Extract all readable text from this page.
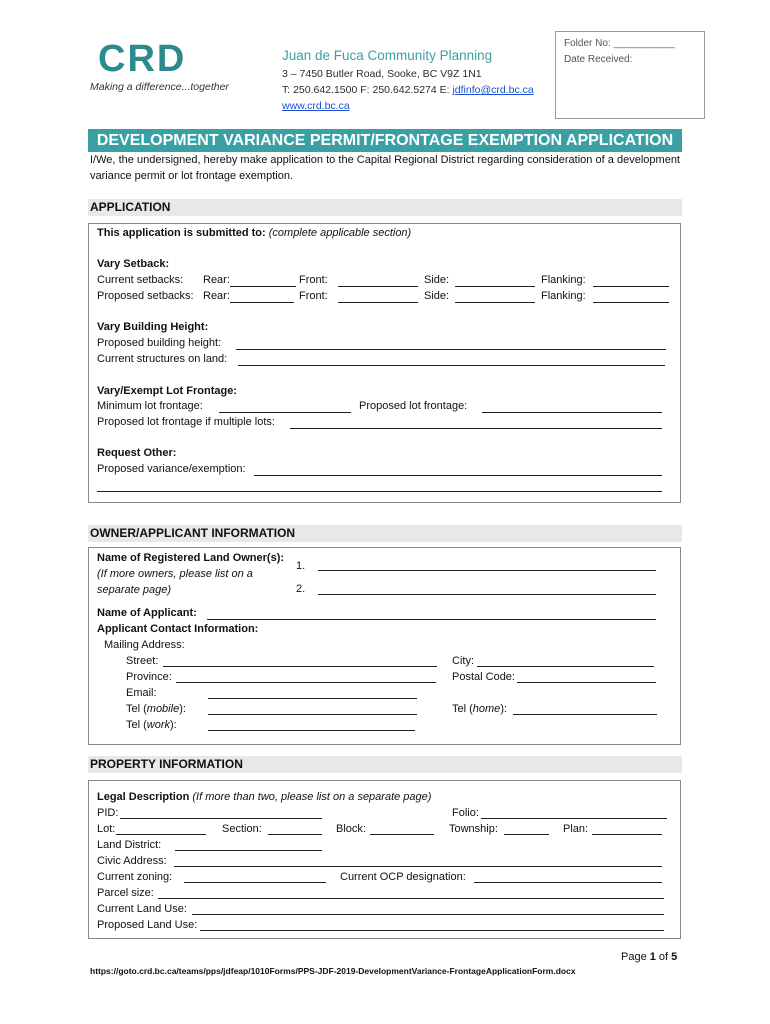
CRD
Making a difference...together
Juan de Fuca Community Planning
3 – 7450 Butler Road, Sooke, BC V9Z 1N1
T: 250.642.1500 F: 250.642.5274 E: jdfinfo@crd.bc.ca
www.crd.bc.ca
Folder No: ___________
Date Received:
DEVELOPMENT VARIANCE PERMIT/FRONTAGE EXEMPTION APPLICATION
I/We, the undersigned, hereby make application to the Capital Regional District regarding consideration of a development variance permit or lot frontage exemption.
APPLICATION
This application is submitted to: (complete applicable section)
Vary Setback:
Current setbacks: Rear:	Front:	Side:	Flanking:
Proposed setbacks: Rear:	Front:	Side:	Flanking:
Vary Building Height:
Proposed building height:
Current structures on land:
Vary/Exempt Lot Frontage:
Minimum lot frontage:	Proposed lot frontage:
Proposed lot frontage if multiple lots:
Request Other:
Proposed variance/exemption:
OWNER/APPLICANT INFORMATION
Name of Registered Land Owner(s):
(If more owners, please list on a
separate page)
1.
2.
Name of Applicant:
Applicant Contact Information:
Mailing Address:
Street:	City:
Province:	Postal Code:
Email:
Tel (mobile):	Tel (home):
Tel (work):
PROPERTY INFORMATION
Legal Description (If more than two, please list on a separate page)
PID:	Folio:
Lot:	Section:	Block:	Township:	Plan:
Land District:
Civic Address:
Current zoning:	Current OCP designation:
Parcel size:
Current Land Use:
Proposed Land Use:
Page 1 of 5
https://goto.crd.bc.ca/teams/pps/jdfeap/1010Forms/PPS-JDF-2019-DevelopmentVariance-FrontageApplicationForm.docx
